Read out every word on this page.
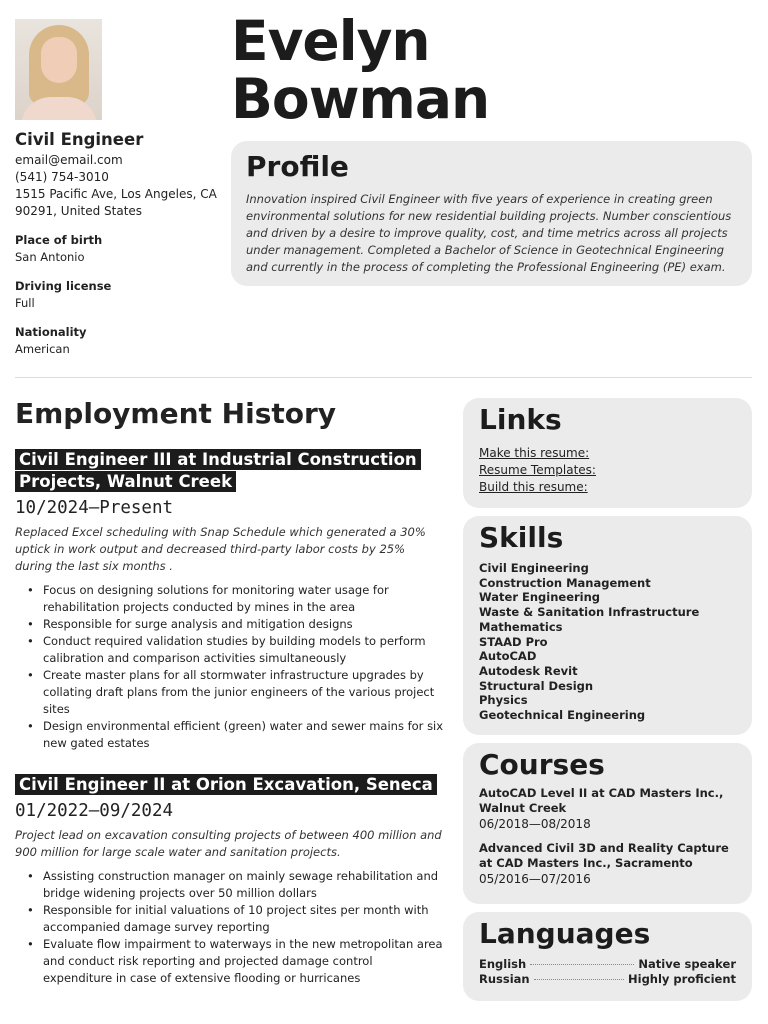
Evelyn
Bowman
Civil Engineer
email@email.com
(541) 754-3010
1515 Pacific Ave, Los Angeles, CA
90291, United States
Place of birth
San Antonio
Driving license
Full
Nationality
American
Profile
Innovation inspired Civil Engineer with five years of experience in creating green environmental solutions for new residential building projects. Number conscientious and driven by a desire to improve quality, cost, and time metrics across all projects under management. Completed a Bachelor of Science in Geotechnical Engineering and currently in the process of completing the Professional Engineering (PE) exam.
Employment History
Civil Engineer III at Industrial Construction Projects, Walnut Creek
10/2024—Present
Replaced Excel scheduling with Snap Schedule which generated a 30% uptick in work output and decreased third-party labor costs by 25% during the last six months .
• Focus on designing solutions for monitoring water usage for rehabilitation projects conducted by mines in the area
• Responsible for surge analysis and mitigation designs
• Conduct required validation studies by building models to perform calibration and comparison activities simultaneously
• Create master plans for all stormwater infrastructure upgrades by collating draft plans from the junior engineers of the various project sites
• Design environmental efficient (green) water and sewer mains for six new gated estates
Civil Engineer II at Orion Excavation, Seneca
01/2022—09/2024
Project lead on excavation consulting projects of between 400 million and 900 million for large scale water and sanitation projects.
• Assisting construction manager on mainly sewage rehabilitation and bridge widening projects over 50 million dollars
• Responsible for initial valuations of 10 project sites per month with accompanied damage survey reporting
• Evaluate flow impairment to waterways in the new metropolitan area and conduct risk reporting and projected damage control expenditure in case of extensive flooding or hurricanes
Links
Make this resume:
Resume Templates:
Build this resume:
Skills
Civil Engineering
Construction Management
Water Engineering
Waste & Sanitation Infrastructure
Mathematics
STAAD Pro
AutoCAD
Autodesk Revit
Structural Design
Physics
Geotechnical Engineering
Courses
AutoCAD Level II at CAD Masters Inc., Walnut Creek
06/2018—08/2018
Advanced Civil 3D and Reality Capture at CAD Masters Inc., Sacramento
05/2016—07/2016
Languages
English	Native speaker
Russian	Highly proficient
